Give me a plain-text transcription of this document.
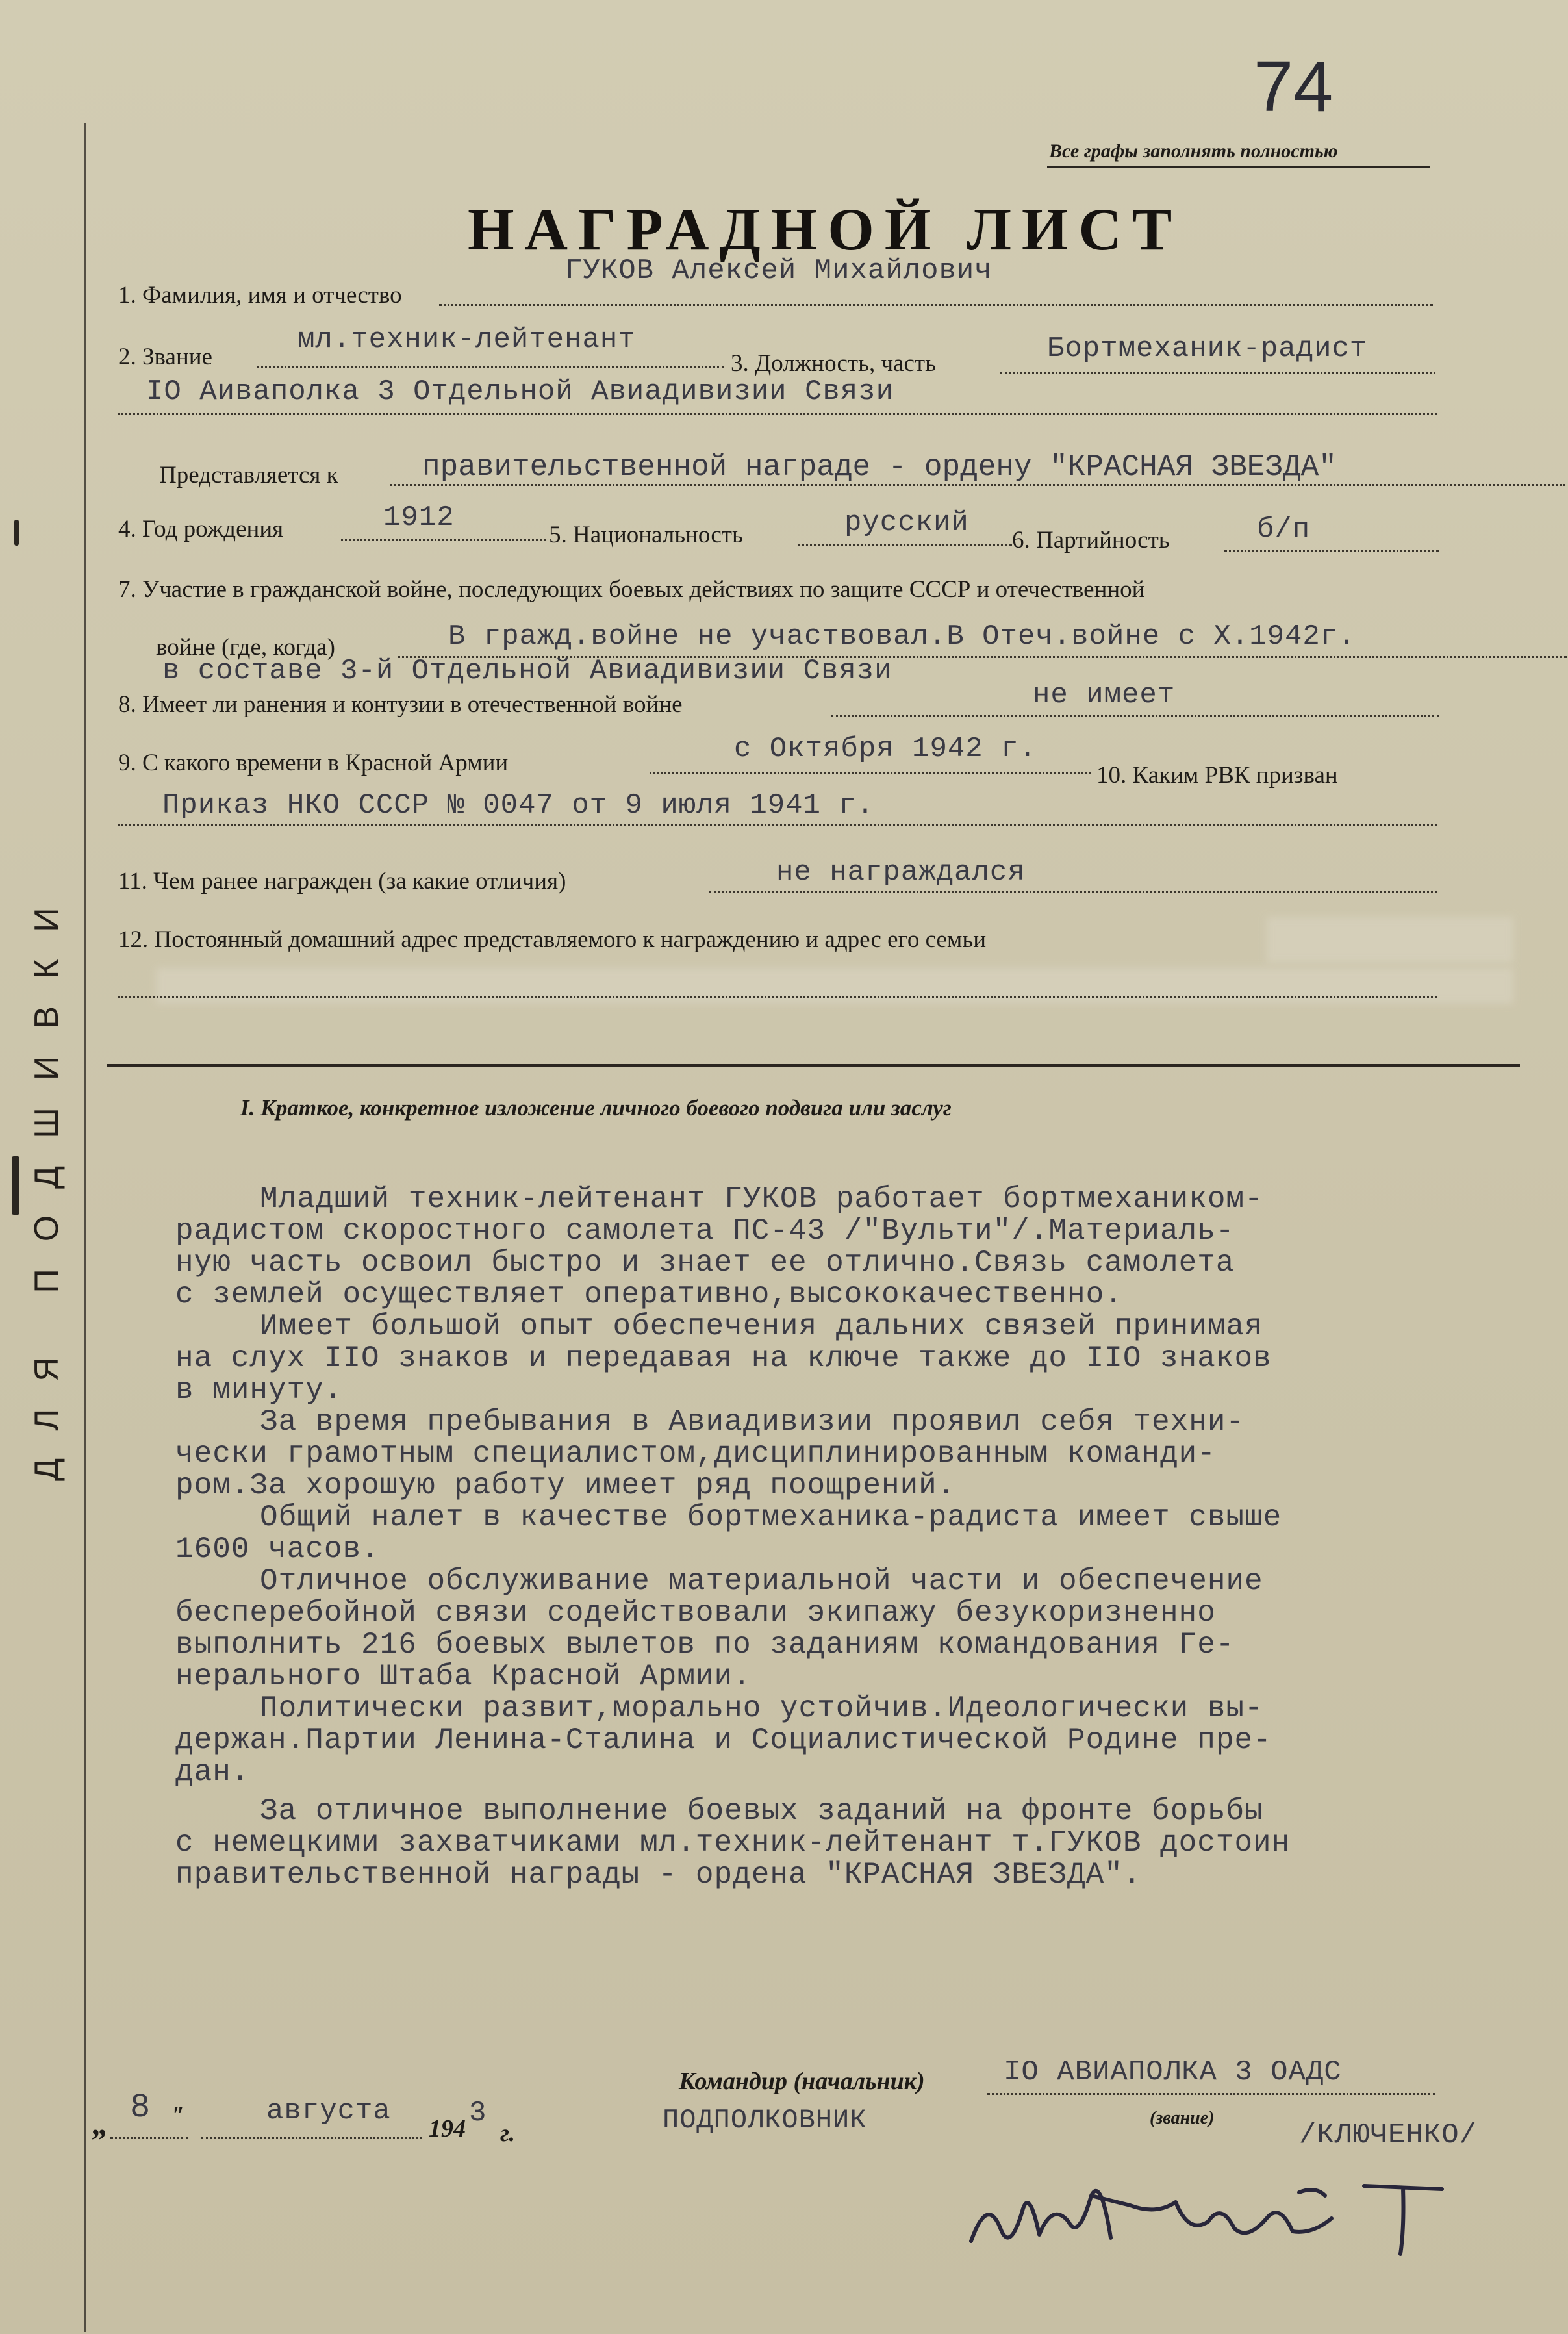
74
Все графы заполнять полностью
НАГРАДНОЙ ЛИСТ
ДЛЯ ПОДШИВКИ
1. Фамилия, имя и отчество
ГУКОВ Алексей Михайлович
2. Звание
мл.техник-лейтенант
3. Должность, часть	Бортмеханик-радист
IO Аивaполка 3 Отдельной Авиадивизии Связи
Представляется к	правительственной награде - ордену "КРАСНАЯ ЗВЕЗДА"
4. Год рождения	1912
5. Национальность	русский
6. Партийность	б/п
7. Участие в гражданской войне, последующих боевых действиях по защите СССР и отечественной
войне (где, когда)	В гражд.войне не участвовал.В Отеч.войне с X.1942г.
в составе 3-й Отдельной Авиадивизии Связи
8. Имеет ли ранения и контузии в отечественной войне	не имеет
9. С какого времени в Красной Армии	с Октября 1942 г.
10. Каким РВК призван
Приказ НКО СССР № 0047 от 9 июля 1941 г.
11. Чем ранее награжден (за какие отличия)	не награждался
12. Постоянный домашний адрес представляемого к награждению и адрес его семьи
I. Краткое, конкретное изложение личного боевого подвига или заслуг
Младший техник-лейтенант ГУКОВ работает бортмехаником-
радистом скоростного самолета ПС-43 /"Вульти"/.Материаль-
ную часть освоил быстро и знает ее отлично.Связь самолета
с землей осуществляет оперативно,высококачественно.
Имеет большой опыт обеспечения дальних связей принимая
на слух IIO знаков и передавая на ключе также до IIO знаков
в минуту.
За время пребывания в Авиадивизии проявил себя техни-
чески грамотным специалистом,дисциплинированным команди-
ром.За хорошую работу имеет ряд поощрений.
Общий налет в качестве бортмеханика-радиста имеет свыше
1600 часов.
Отличное обслуживание материальной части и обеспечение
бесперебойной связи содействовали экипажу безукоризненно
выполнить 216 боевых вылетов по заданиям командования Ге-
нерального Штаба Красной Армии.
Политически развит,морально устойчив.Идеологически вы-
держан.Партии Ленина-Сталина и Социалистической Родине пре-
дан.
За отличное выполнение боевых заданий на фронте борьбы
с немецкими захватчиками мл.техник-лейтенант т.ГУКОВ достоин
правительственной награды - ордена "КРАСНАЯ ЗВЕЗДА".
„ 8 "	августа
194 3
г.
Командир (начальник)	IO АВИАПОЛКА 3 ОАДС
ПОДПОЛКОВНИК	(звание)
/КЛЮЧЕНКО/
